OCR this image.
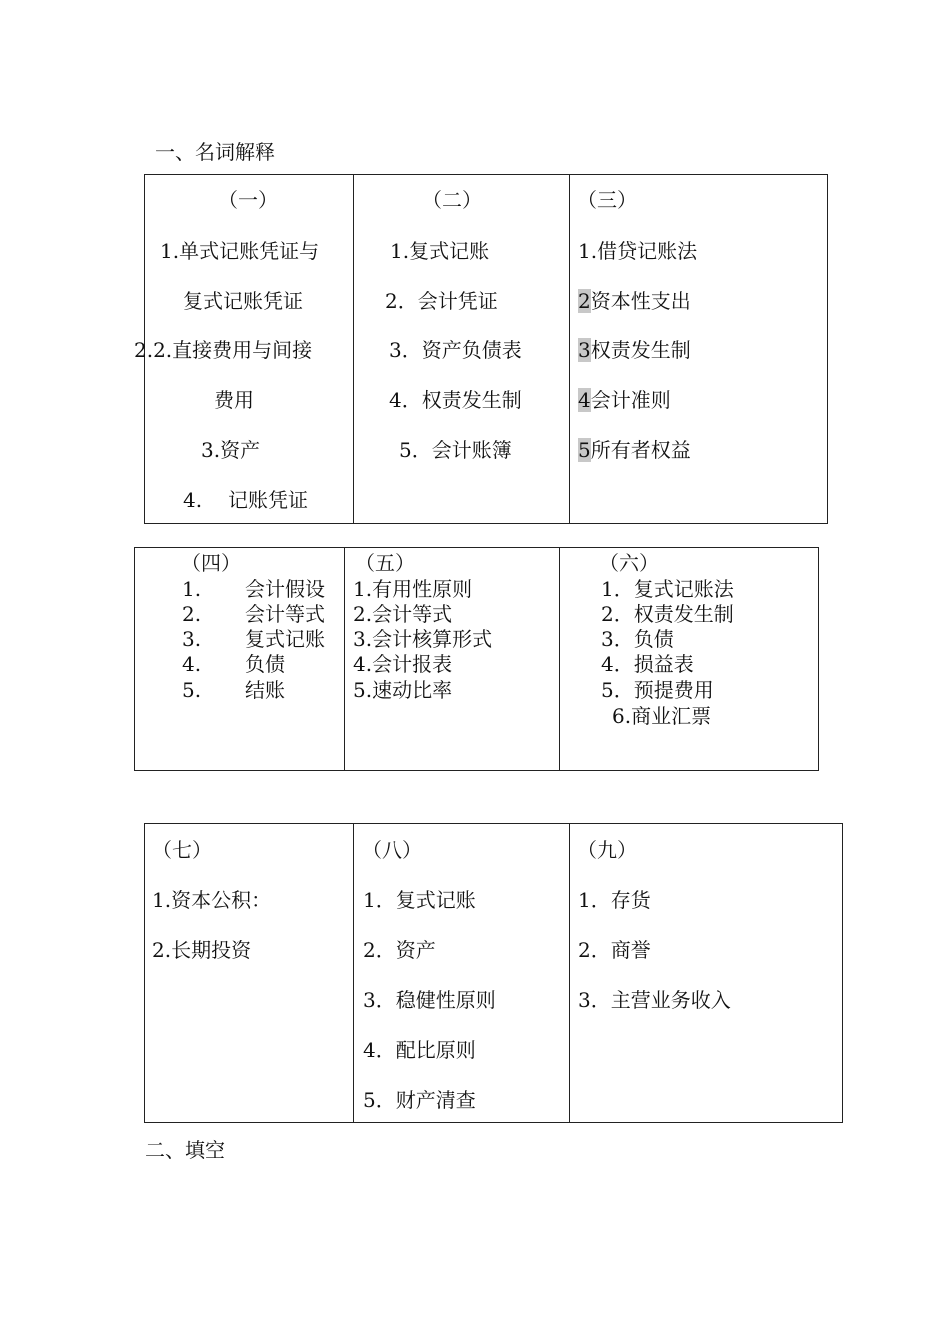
一、名词解释
（一）
1.单式记账凭证与
复式记账凭证
2.2.直接费用与间接
费用
3.资产
4. 记账凭证
（二）
1.复式记账
2．会计凭证
3．资产负债表
4．权责发生制
5．会计账簿
（三）
1.借贷记账法
2资本性支出
3权责发生制
4会计准则
5所有者权益
（四）
1. 会计假设
2. 会计等式
3. 复式记账
4. 负债
5. 结账
（五）
1.有用性原则
2.会计等式
3.会计核算形式
4.会计报表
5.速动比率
（六）
1．复式记账法
2．权责发生制
3．负债
4．损益表
5．预提费用
6.商业汇票
（七）
1.资本公积：
2.长期投资
（八）
1．复式记账
2．资产
3．稳健性原则
4．配比原则
5．财产清查
（九）
1．存货
2．商誉
3．主营业务收入
二、填空
